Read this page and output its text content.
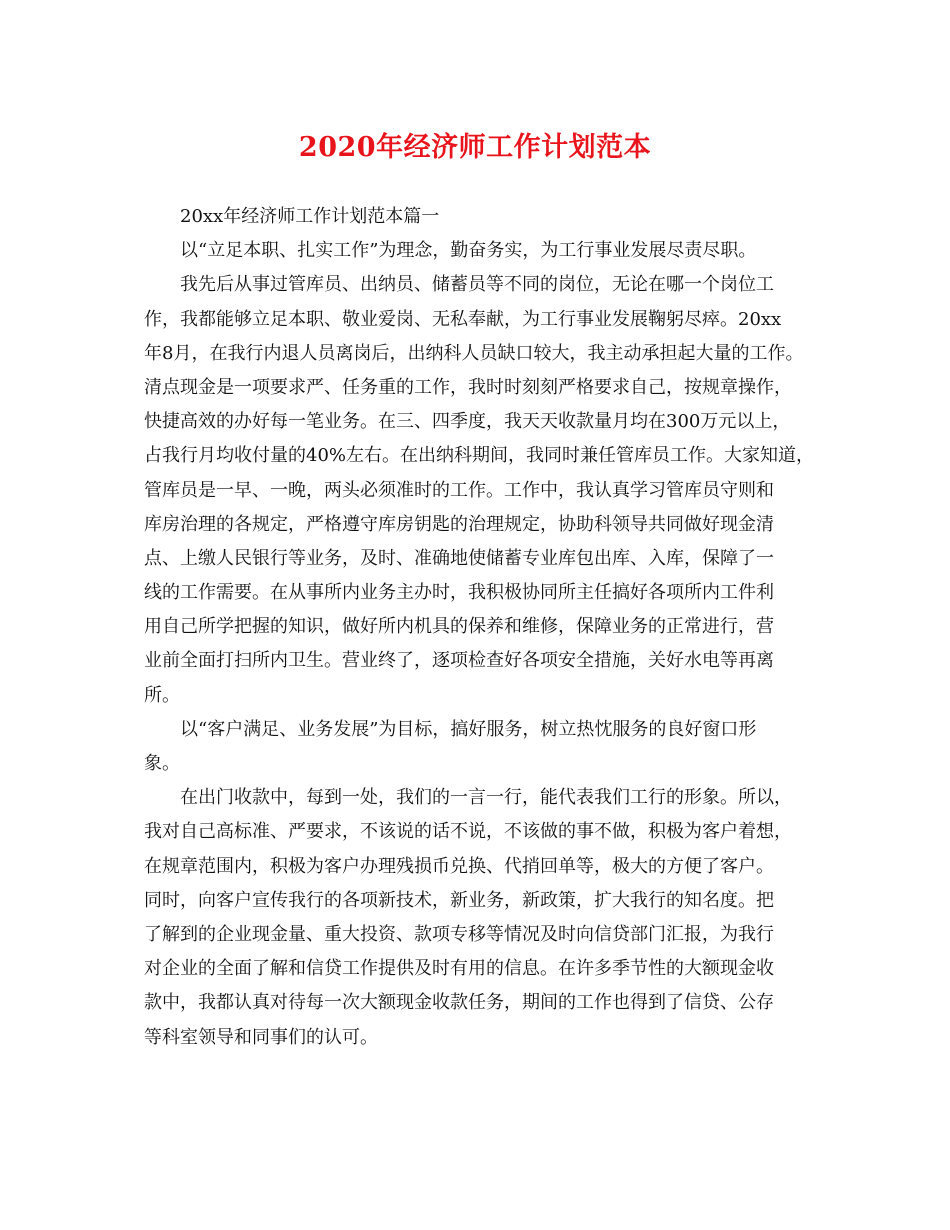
2020年经济师工作计划范本

20xx年经济师工作计划范本篇一

以“立足本职、扎实工作”为理念，勤奋务实，为工行事业发展尽责尽职。

我先后从事过管库员、出纳员、储蓄员等不同的岗位，无论在哪一个岗位工

作，我都能够立足本职、敬业爱岗、无私奉献，为工行事业发展鞠躬尽瘁。20xx

年8月，在我行内退人员离岗后，出纳科人员缺口较大，我主动承担起大量的工作。

清点现金是一项要求严、任务重的工作，我时时刻刻严格要求自己，按规章操作，

快捷高效的办好每一笔业务。在三、四季度，我天天收款量月均在300万元以上，

占我行月均收付量的40%左右。在出纳科期间，我同时兼任管库员工作。大家知道，

管库员是一早、一晚，两头必须准时的工作。工作中，我认真学习管库员守则和

库房治理的各规定，严格遵守库房钥匙的治理规定，协助科领导共同做好现金清

点、上缴人民银行等业务，及时、准确地使储蓄专业库包出库、入库，保障了一

线的工作需要。在从事所内业务主办时，我积极协同所主任搞好各项所内工件利

用自己所学把握的知识，做好所内机具的保养和维修，保障业务的正常进行，营

业前全面打扫所内卫生。营业终了，逐项检查好各项安全措施，关好水电等再离

所。

以“客户满足、业务发展”为目标，搞好服务，树立热忱服务的良好窗口形

象。

在出门收款中，每到一处，我们的一言一行，能代表我们工行的形象。所以，

我对自己高标准、严要求，不该说的话不说，不该做的事不做，积极为客户着想，

在规章范围内，积极为客户办理残损币兑换、代捎回单等，极大的方便了客户。

同时，向客户宣传我行的各项新技术，新业务，新政策，扩大我行的知名度。把

了解到的企业现金量、重大投资、款项专移等情况及时向信贷部门汇报，为我行

对企业的全面了解和信贷工作提供及时有用的信息。在许多季节性的大额现金收

款中，我都认真对待每一次大额现金收款任务，期间的工作也得到了信贷、公存

等科室领导和同事们的认可。
